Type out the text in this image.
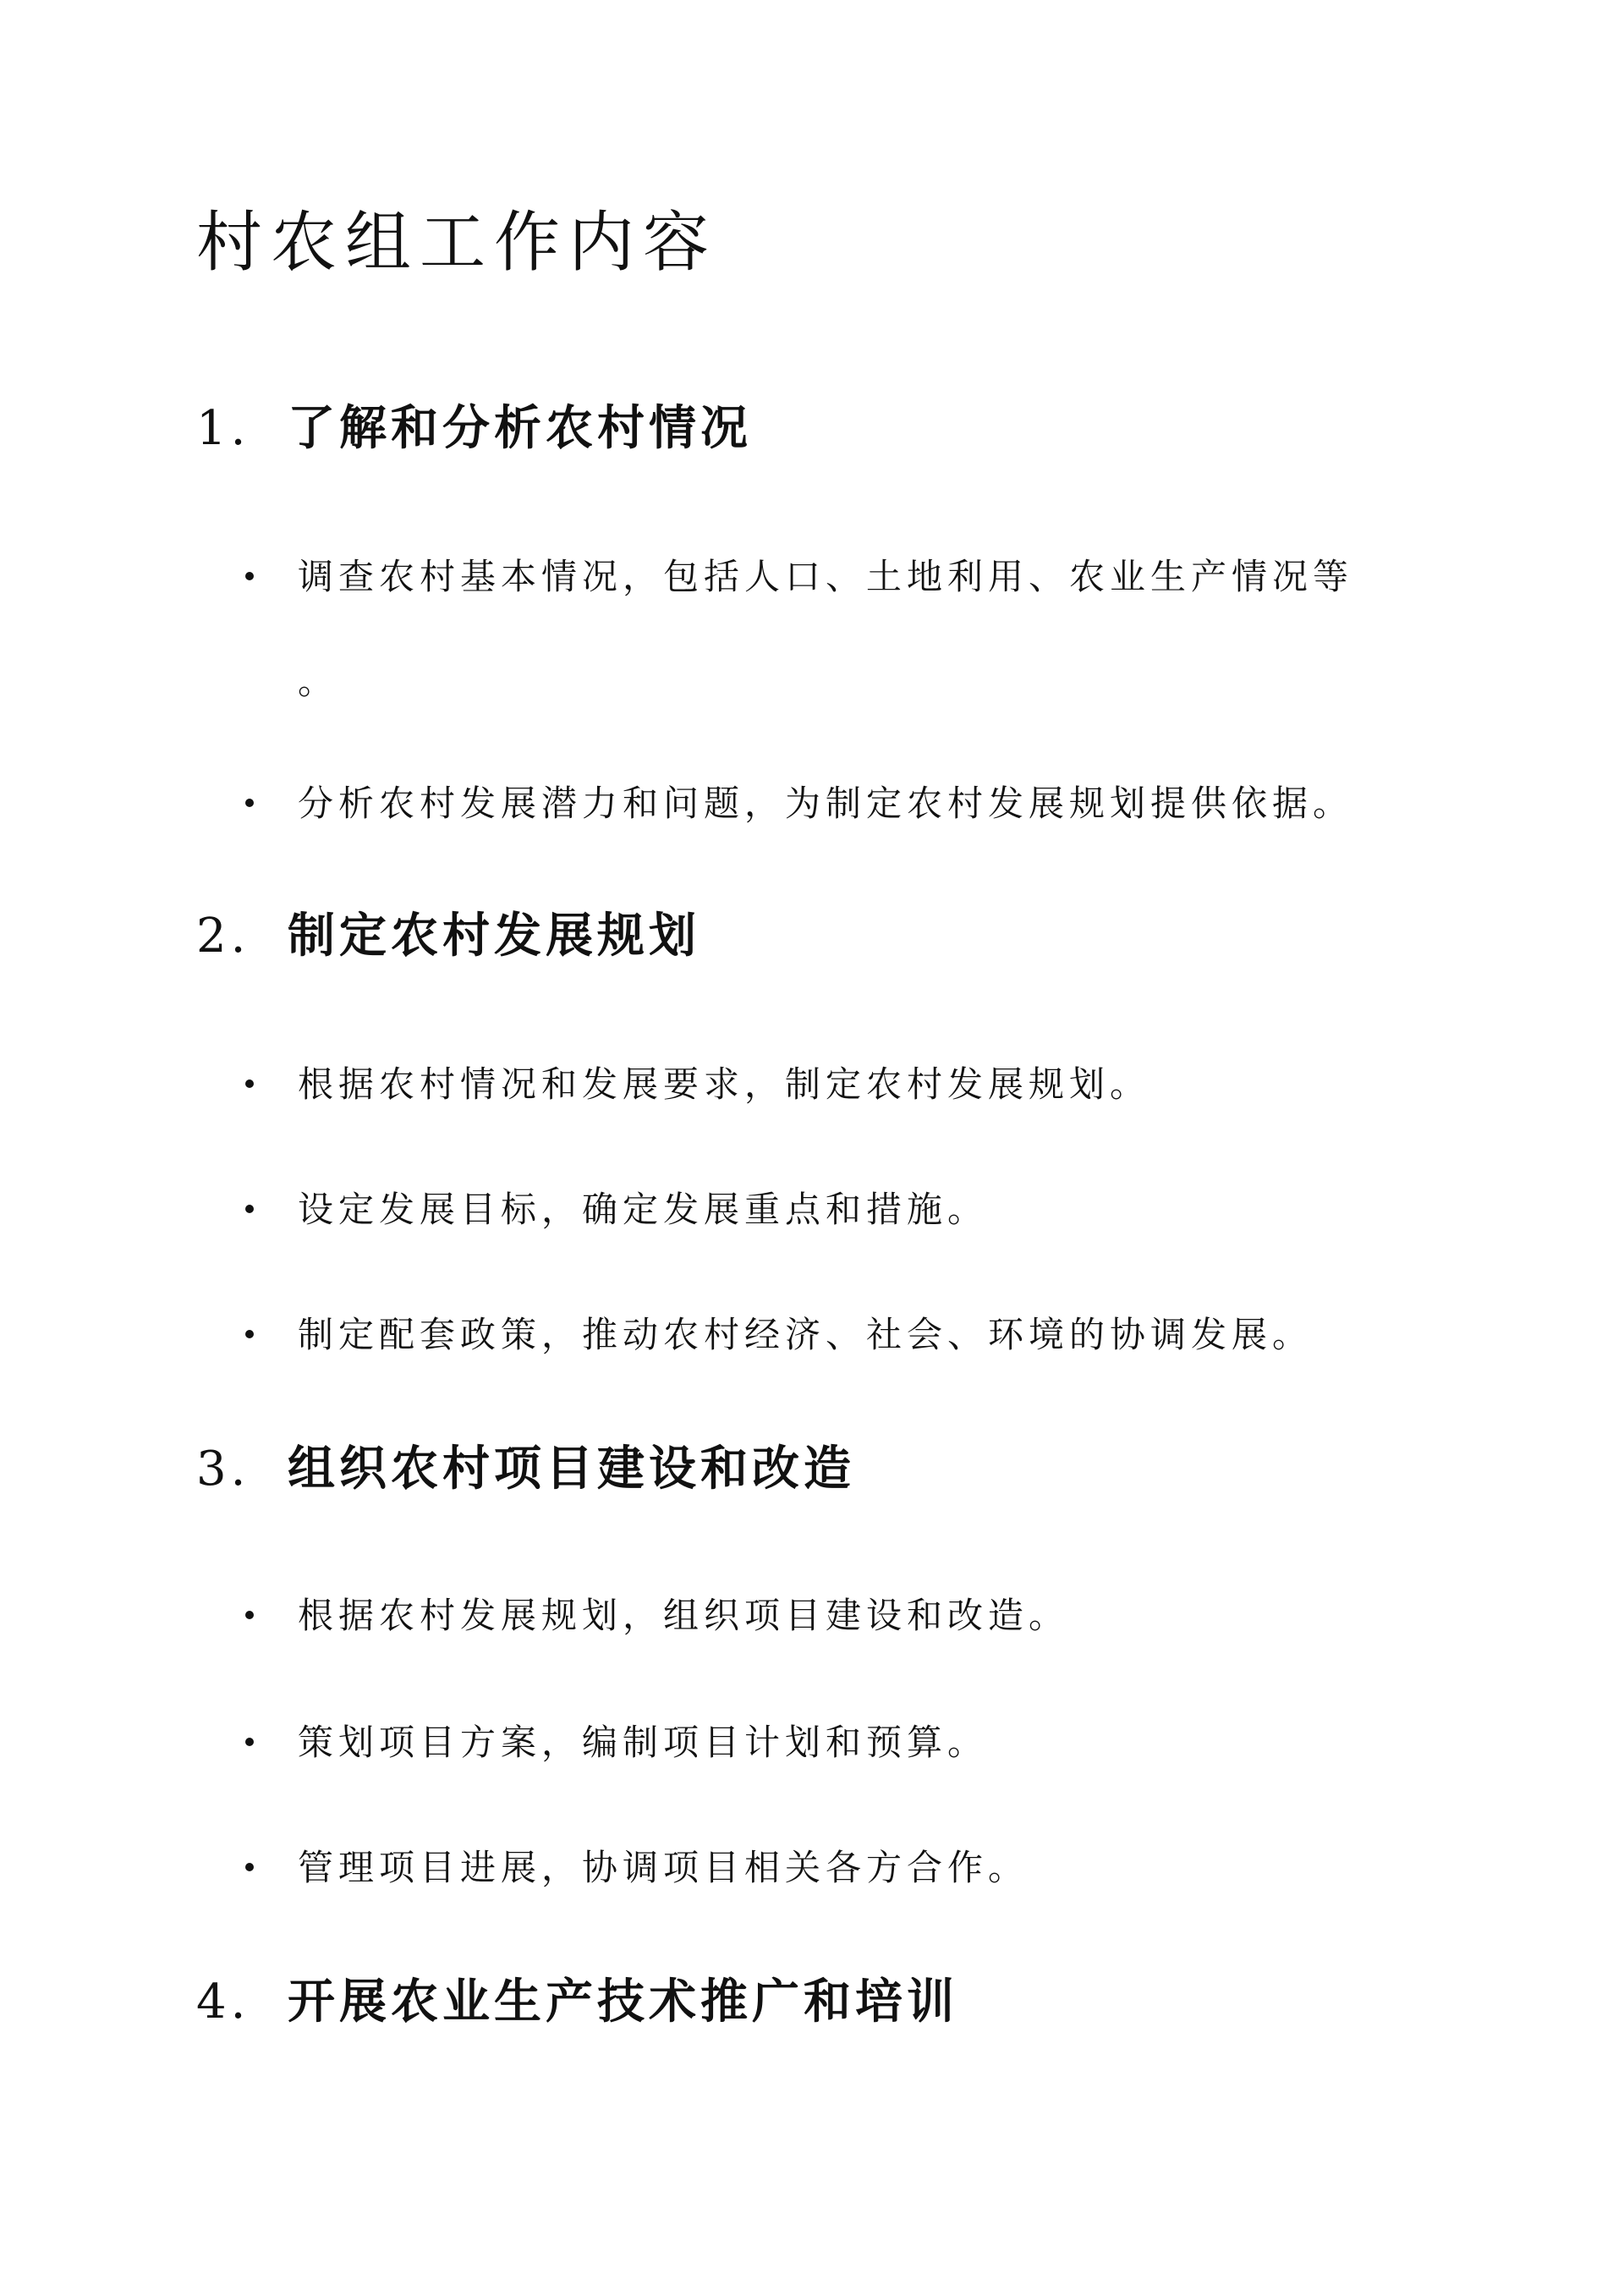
村农组工作内容
1. 了解和分析农村情况
调查农村基本情况，包括人口、土地利用、农业生产情况等
。
分析农村发展潜力和问题，为制定农村发展规划提供依据。
2. 制定农村发展规划
根据农村情况和发展要求，制定农村发展规划。
设定发展目标，确定发展重点和措施。
制定配套政策，推动农村经济、社会、环境的协调发展。
3. 组织农村项目建设和改造
根据农村发展规划，组织项目建设和改造。
策划项目方案，编制项目计划和预算。
管理项目进展，协调项目相关各方合作。
4. 开展农业生产技术推广和培训
